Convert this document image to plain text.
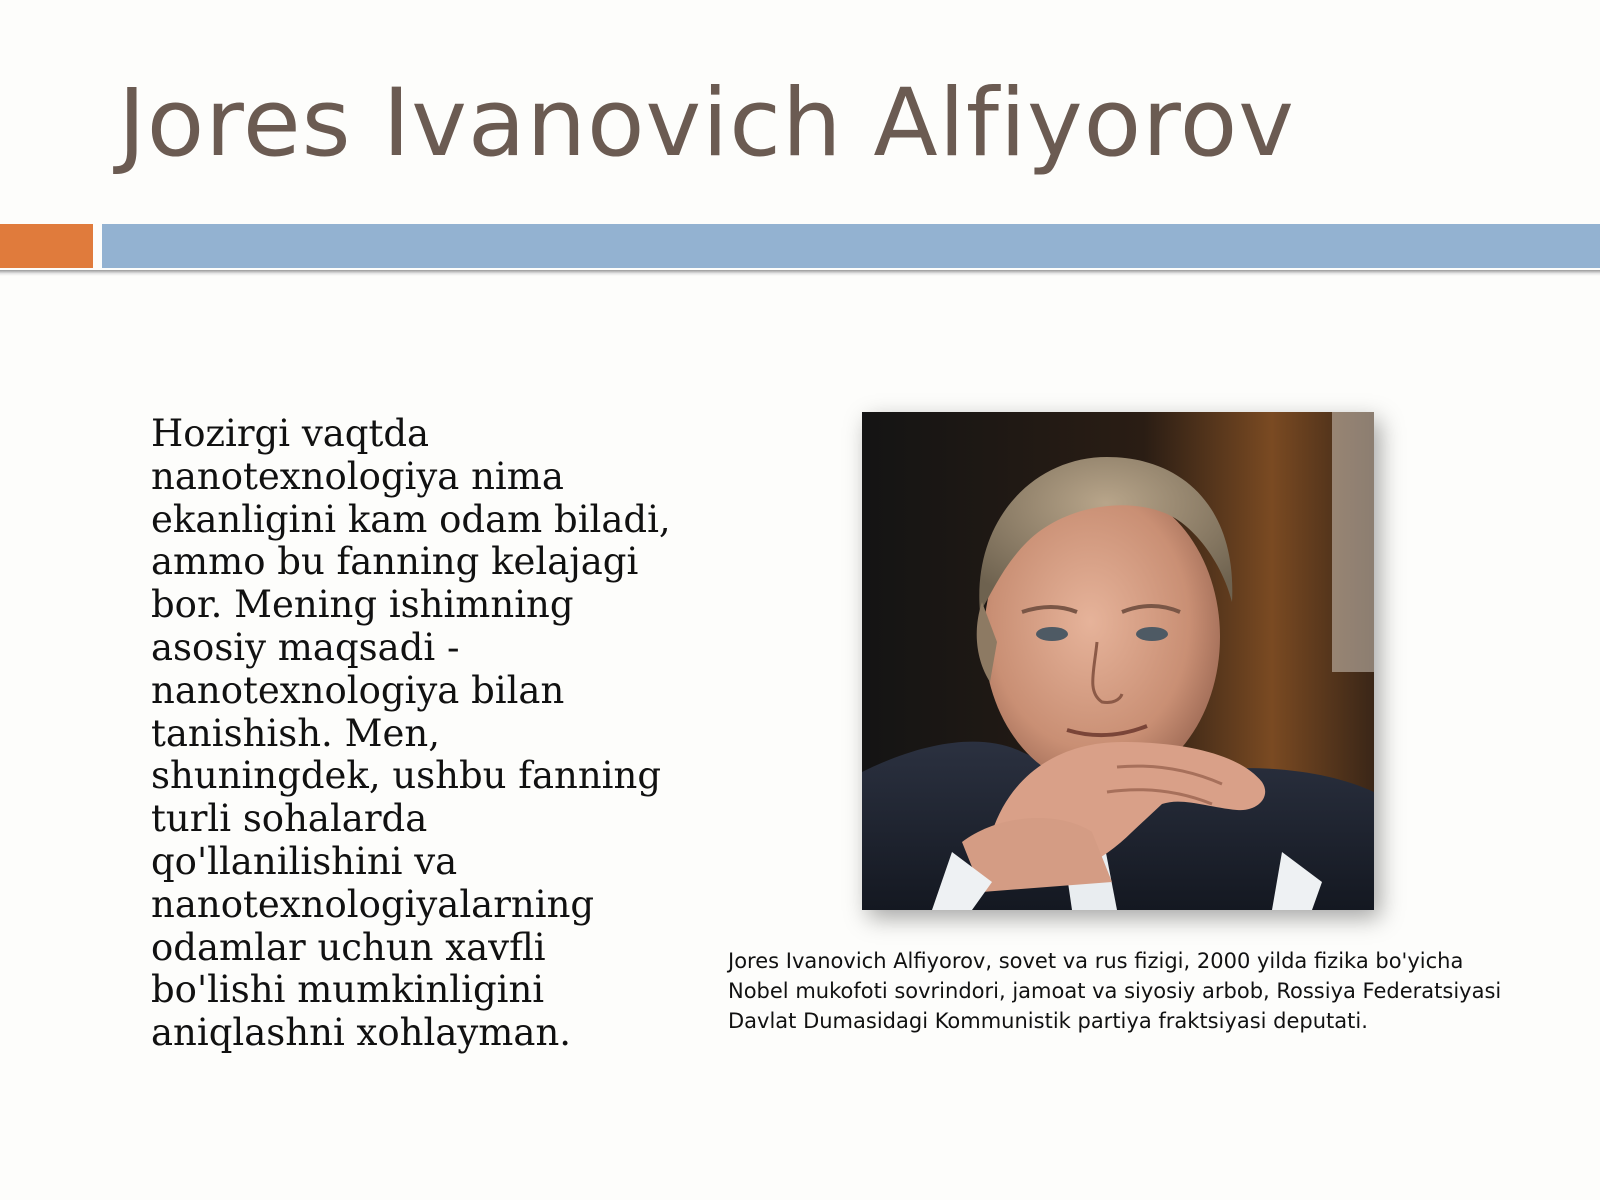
Jores Ivanovich Alfiyorov
Hozirgi vaqtda nanotexnologiya nima ekanligini kam odam biladi, ammo bu fanning kelajagi bor. Mening ishimning asosiy maqsadi - nanotexnologiya bilan tanishish. Men, shuningdek, ushbu fanning turli sohalarda qo'llanilishini va nanotexnologiyalarning odamlar uchun xavfli bo'lishi mumkinligini aniqlashni xohlayman.
Jores Ivanovich Alfiyorov, sovet va rus fizigi, 2000 yilda fizika bo'yicha Nobel mukofoti sovrindori, jamoat va siyosiy arbob, Rossiya Federatsiyasi Davlat Dumasidagi Kommunistik partiya fraktsiyasi deputati.
